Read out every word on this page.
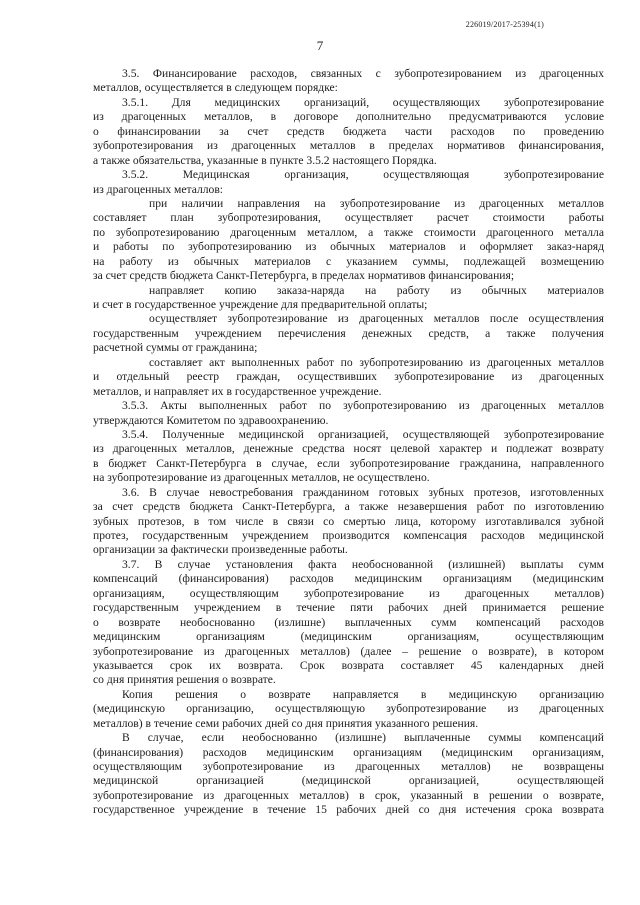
226019/2017-25394(1)
7
3.5. Финансирование расходов, связанных с зубопротезированием из драгоценных
металлов, осуществляется в следующем порядке:
3.5.1. Для медицинских организаций, осуществляющих зубопротезирование
из драгоценных металлов, в договоре дополнительно предусматриваются условие
о финансировании за счет средств бюджета части расходов по проведению
зубопротезирования из драгоценных металлов в пределах нормативов финансирования,
а также обязательства, указанные в пункте 3.5.2 настоящего Порядка.
3.5.2. Медицинская организация, осуществляющая зубопротезирование
из драгоценных металлов:
при наличии направления на зубопротезирование из драгоценных металлов
составляет план зубопротезирования, осуществляет расчет стоимости работы
по зубопротезированию драгоценным металлом, а также стоимости драгоценного металла
и работы по зубопротезированию из обычных материалов и оформляет заказ-наряд
на работу из обычных материалов с указанием суммы, подлежащей возмещению
за счет средств бюджета Санкт-Петербурга, в пределах нормативов финансирования;
направляет копию заказа-наряда на работу из обычных материалов
и счет в государственное учреждение для предварительной оплаты;
осуществляет зубопротезирование из драгоценных металлов после осуществления
государственным учреждением перечисления денежных средств, а также получения
расчетной суммы от гражданина;
составляет акт выполненных работ по зубопротезированию из драгоценных металлов
и отдельный реестр граждан, осуществивших зубопротезирование из драгоценных
металлов, и направляет их в государственное учреждение.
3.5.3. Акты выполненных работ по зубопротезированию из драгоценных металлов
утверждаются Комитетом по здравоохранению.
3.5.4. Полученные медицинской организацией, осуществляющей зубопротезирование
из драгоценных металлов, денежные средства носят целевой характер и подлежат возврату
в бюджет Санкт-Петербурга в случае, если зубопротезирование гражданина, направленного
на зубопротезирование из драгоценных металлов, не осуществлено.
3.6. В случае невостребования гражданином готовых зубных протезов, изготовленных
за счет средств бюджета Санкт-Петербурга, а также незавершения работ по изготовлению
зубных протезов, в том числе в связи со смертью лица, которому изготавливался зубной
протез, государственным учреждением производится компенсация расходов медицинской
организации за фактически произведенные работы.
3.7. В случае установления факта необоснованной (излишней) выплаты сумм
компенсаций (финансирования) расходов медицинским организациям (медицинским
организациям, осуществляющим зубопротезирование из драгоценных металлов)
государственным учреждением в течение пяти рабочих дней принимается решение
о возврате необоснованно (излишне) выплаченных сумм компенсаций расходов
медицинским организациям (медицинским организациям, осуществляющим
зубопротезирование из драгоценных металлов) (далее – решение о возврате), в котором
указывается срок их возврата. Срок возврата составляет 45 календарных дней
со дня принятия решения о возврате.
Копия решения о возврате направляется в медицинскую организацию
(медицинскую организацию, осуществляющую зубопротезирование из драгоценных
металлов) в течение семи рабочих дней со дня принятия указанного решения.
В случае, если необоснованно (излишне) выплаченные суммы компенсаций
(финансирования) расходов медицинским организациям (медицинским организациям,
осуществляющим зубопротезирование из драгоценных металлов) не возвращены
медицинской организацией (медицинской организацией, осуществляющей
зубопротезирование из драгоценных металлов) в срок, указанный в решении о возврате,
государственное учреждение в течение 15 рабочих дней со дня истечения срока возврата
